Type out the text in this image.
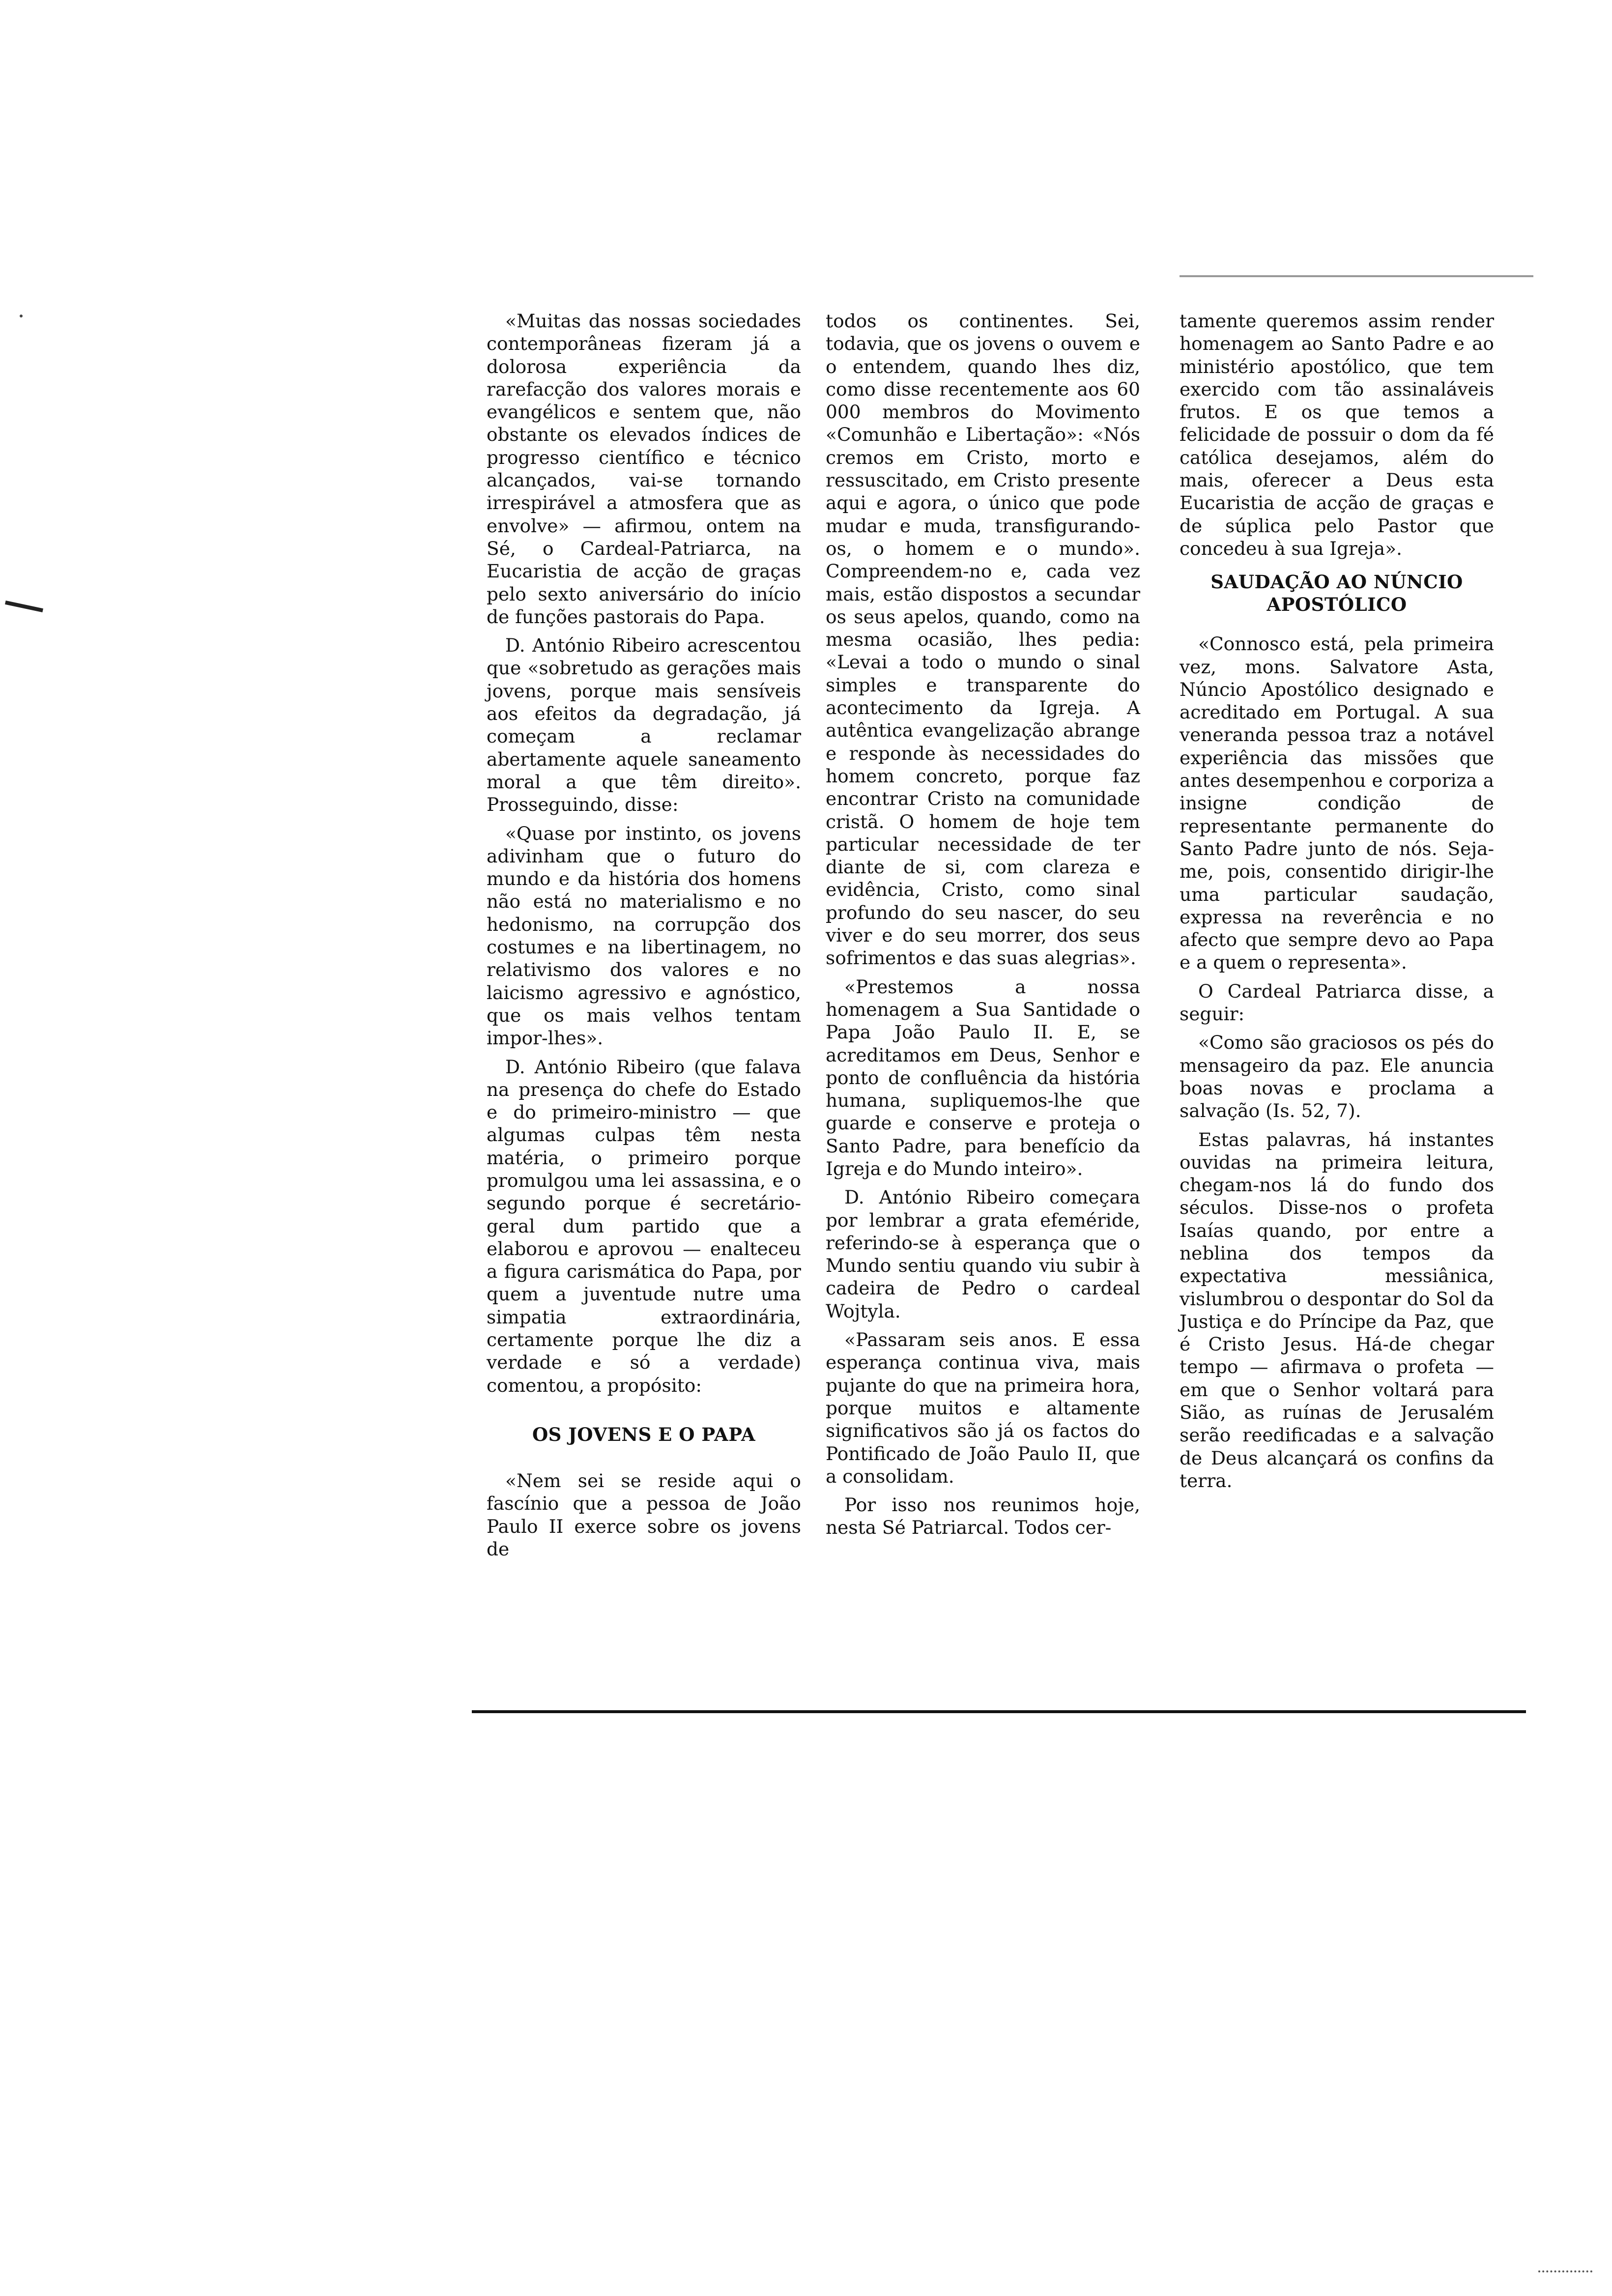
«Muitas das nossas sociedades contemporâneas fizeram já a dolorosa experiência da rarefacção dos valores morais e evangélicos e sentem que, não obstante os elevados índices de progresso científico e técnico alcançados, vai-se tornando irrespirável a atmosfera que as envolve» — afirmou, ontem na Sé, o Cardeal-Patriarca, na Eucaristia de acção de graças pelo sexto aniversário do início de funções pastorais do Papa.

D. António Ribeiro acrescentou que «sobretudo as gerações mais jovens, porque mais sensíveis aos efeitos da degradação, já começam a reclamar abertamente aquele saneamento moral a que têm direito». Prosseguindo, disse:

«Quase por instinto, os jovens adivinham que o futuro do mundo e da história dos homens não está no materialismo e no hedonismo, na corrupção dos costumes e na libertinagem, no relativismo dos valores e no laicismo agressivo e agnóstico, que os mais velhos tentam impor-lhes».

D. António Ribeiro (que falava na presença do chefe do Estado e do primeiro-ministro — que algumas culpas têm nesta matéria, o primeiro porque promulgou uma lei assassina, e o segundo porque é secretário-geral dum partido que a elaborou e aprovou — enalteceu a figura carismática do Papa, por quem a juventude nutre uma simpatia extraordinária, certamente porque lhe diz a verdade e só a verdade) comentou, a propósito:

OS JOVENS E O PAPA

«Nem sei se reside aqui o fascínio que a pessoa de João Paulo II exerce sobre os jovens de

todos os continentes. Sei, todavia, que os jovens o ouvem e o entendem, quando lhes diz, como disse recentemente aos 60 000 membros do Movimento «Comunhão e Libertação»: «Nós cremos em Cristo, morto e ressuscitado, em Cristo presente aqui e agora, o único que pode mudar e muda, transfigurando-os, o homem e o mundo». Compreendem-no e, cada vez mais, estão dispostos a secundar os seus apelos, quando, como na mesma ocasião, lhes pedia: «Levai a todo o mundo o sinal simples e transparente do acontecimento da Igreja. A autêntica evangelização abrange e responde às necessidades do homem concreto, porque faz encontrar Cristo na comunidade cristã. O homem de hoje tem particular necessidade de ter diante de si, com clareza e evidência, Cristo, como sinal profundo do seu nascer, do seu viver e do seu morrer, dos seus sofrimentos e das suas alegrias».

«Prestemos a nossa homenagem a Sua Santidade o Papa João Paulo II. E, se acreditamos em Deus, Senhor e ponto de confluência da história humana, supliquemos-lhe que guarde e conserve e proteja o Santo Padre, para benefício da Igreja e do Mundo inteiro».

D. António Ribeiro começara por lembrar a grata efeméride, referindo-se à esperança que o Mundo sentiu quando viu subir à cadeira de Pedro o cardeal Wojtyla.

«Passaram seis anos. E essa esperança continua viva, mais pujante do que na primeira hora, porque muitos e altamente significativos são já os factos do Pontificado de João Paulo II, que a consolidam.

Por isso nos reunimos hoje, nesta Sé Patriarcal. Todos cer-

tamente queremos assim render homenagem ao Santo Padre e ao ministério apostólico, que tem exercido com tão assinaláveis frutos. E os que temos a felicidade de possuir o dom da fé católica desejamos, além do mais, oferecer a Deus esta Eucaristia de acção de graças e de súplica pelo Pastor que concedeu à sua Igreja».

SAUDAÇÃO AO NÚNCIO
APOSTÓLICO

«Connosco está, pela primeira vez, mons. Salvatore Asta, Núncio Apostólico designado e acreditado em Portugal. A sua veneranda pessoa traz a notável experiência das missões que antes desempenhou e corporiza a insigne condição de representante permanente do Santo Padre junto de nós. Seja-me, pois, consentido dirigir-lhe uma particular saudação, expressa na reverência e no afecto que sempre devo ao Papa e a quem o representa».

O Cardeal Patriarca disse, a seguir:

«Como são graciosos os pés do mensageiro da paz. Ele anuncia boas novas e proclama a salvação (Is. 52, 7).

Estas palavras, há instantes ouvidas na primeira leitura, chegam-nos lá do fundo dos séculos. Disse-nos o profeta Isaías quando, por entre a neblina dos tempos da expectativa messiânica, vislumbrou o despontar do Sol da Justiça e do Príncipe da Paz, que é Cristo Jesus. Há-de chegar tempo — afirmava o profeta — em que o Senhor voltará para Sião, as ruínas de Jerusalém serão reedificadas e a salvação de Deus alcançará os confins da terra.
